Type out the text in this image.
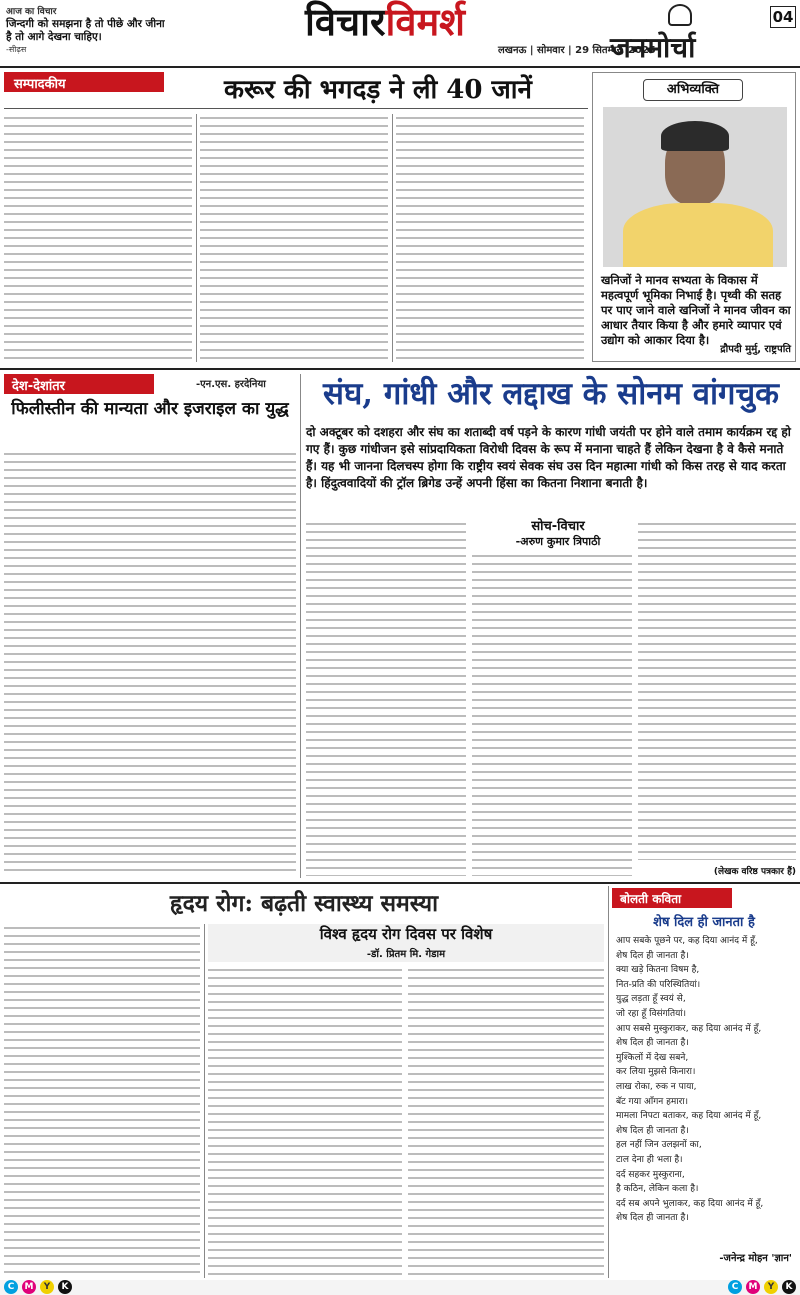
आज का विचार
जिन्दगी को समझना है तो पीछे और जीना है तो आगे देखना चाहिए।
-सीढ़स
विचारविमर्श
लखनऊ | सोमवार | 29 सितम्बर, 2025
जनमोर्चा
04
सम्पादकीय	करूर की भगदड़ ने ली 40 जानें	अभिव्यक्ति
खनिजों ने मानव सभ्यता के विकास में महत्वपूर्ण भूमिका निभाई है। पृथ्वी की सतह पर पाए जाने वाले खनिजों ने मानव जीवन का आधार तैयार किया है और हमारे व्यापार एवं उद्योग को आकार दिया है।
द्रौपदी मुर्मु, राष्ट्रपति
देश-देशांतर	-एन.एस. हरदेनिया
फिलीस्तीन की मान्यता और इजराइल का युद्ध	संघ, गांधी और लद्दाख के सोनम वांगचुक
दो अक्टूबर को दशहरा और संघ का शताब्दी वर्ष पड़ने के कारण गांधी जयंती पर होने वाले तमाम कार्यक्रम रद्द हो गए हैं। कुछ गांधीजन इसे सांप्रदायिकता विरोधी दिवस के रूप में मनाना चाहते हैं लेकिन देखना है वे कैसे मनाते हैं। यह भी जानना दिलचस्प होगा कि राष्ट्रीय स्वयं सेवक संघ उस दिन महात्मा गांधी को किस तरह से याद करता है। हिंदुत्ववादियों की ट्रॉल ब्रिगेड उन्हें अपनी हिंसा का कितना निशाना बनाती है।
सोच-विचार
-अरुण कुमार त्रिपाठी
(लेखक वरिष्ठ पत्रकार हैं)
हृदय रोग: बढ़ती स्वास्थ्य समस्या
विश्व हृदय रोग दिवस पर विशेष
-डॉ. प्रितम मि. गेडाम
बोलती कविता
शेष दिल ही जानता है
आप सबके पूछने पर, कह दिया आनंद में हूँ,
शेष दिल ही जानता है।
क्या खड़े कितना विषम है,
नित-प्रति की परिस्थितियां।
युद्ध लड़ता हूँ स्वयं से,
जो रहा हूँ विसंगतियां।
आप सबसे मुस्कुराकर, कह दिया आनंद में हूँ,
शेष दिल ही जानता है।
मुश्किलों में देख सबने,
कर लिया मुझसे किनारा।
लाख रोका, रुक न पाया,
बॅट गया आँगन हमारा।
मामला निपटा बताकर, कह दिया आनंद में हूँ,
शेष दिल ही जानता है।
हल नहीं जिन उलझनों का,
टाल देना ही भला है।
दर्द सहकर मुस्कुराना,
है कठिन, लेकिन कला है।
दर्द सब अपने भुलाकर, कह दिया आनंद में हूँ,
शेष दिल ही जानता है।
-जनेन्द्र मोहन 'ज्ञान'
C	M	Y	K	C	M	Y	K
